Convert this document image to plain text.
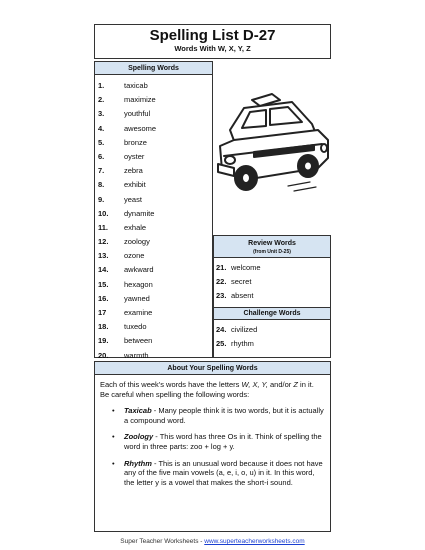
Spelling List D-27
Words With W, X, Y, Z
Spelling Words
1.	taxicab
2.	maximize
3.	youthful
4.	awesome
5.	bronze
6.	oyster
7.	zebra
8.	exhibit
9.	yeast
10. dynamite
11. exhale
12. zoology
13. ozone
14. awkward
15. hexagon
16. yawned
17 examine
18. tuxedo
19. between
20. warmth
Review Words
(from Unit D-25)
21. welcome
22. secret
23. absent
Challenge Words
24. civilized
25. rhythm
About Your Spelling Words

Each of this week's words have the letters W, X, Y, and/or Z in it. Be careful when spelling the following words:

• Taxicab - Many people think it is two words, but it is actually a compound word.
• Zoology - This word has three Os in it. Think of spelling the word in three parts: zoo + log + y.
• Rhythm - This is an unusual word because it does not have any of the five main vowels (a, e, i, o, u) in it. In this word, the letter y is a vowel that makes the short-i sound.
Super Teacher Worksheets - www.superteacherworksheets.com
